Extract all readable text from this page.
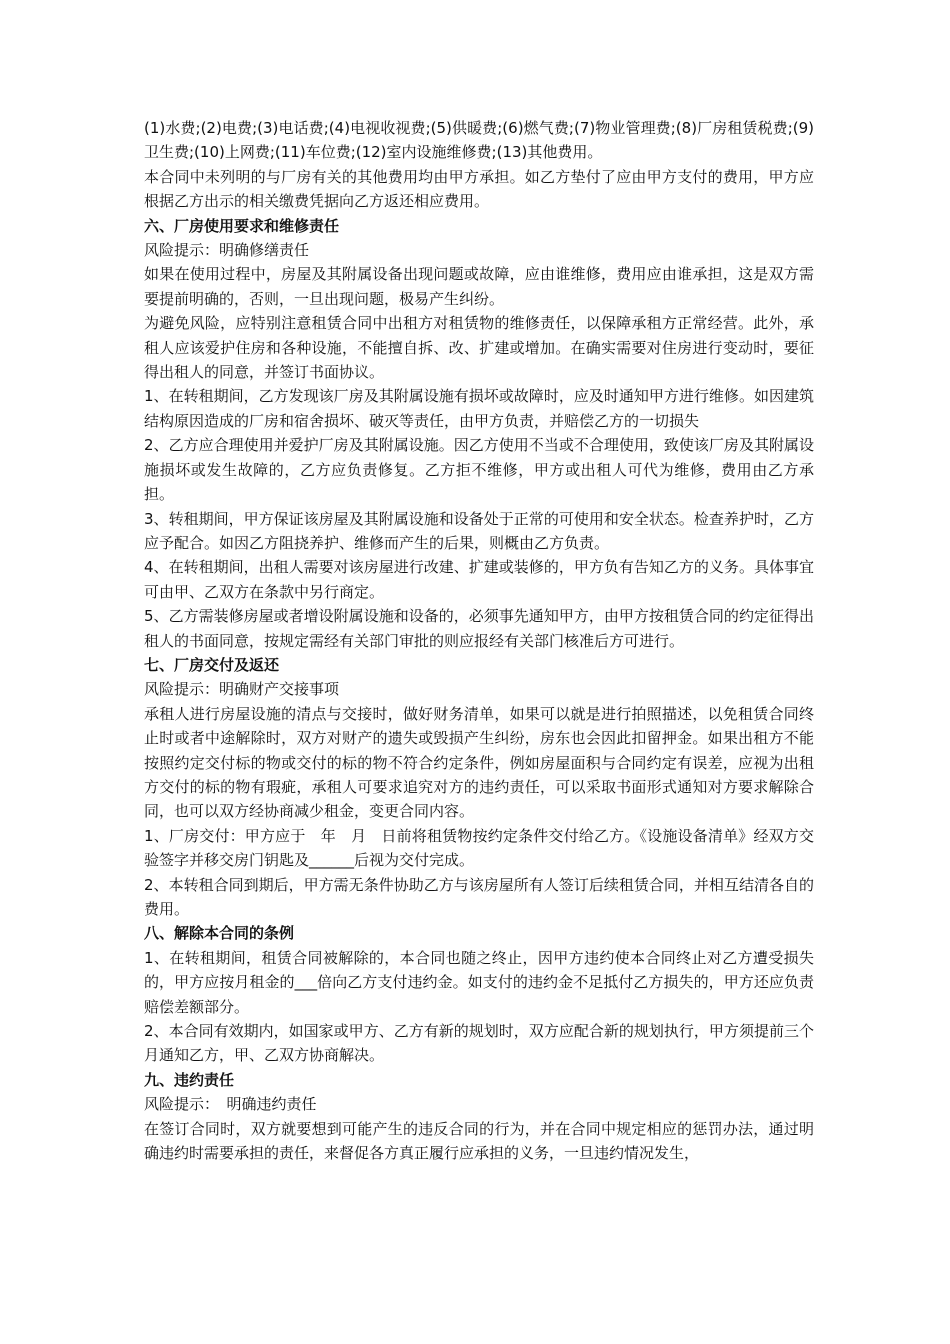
(1)水费;(2)电费;(3)电话费;(4)电视收视费;(5)供暖费;(6)燃气费;(7)物业管理费;(8)厂房租赁税费;(9)卫生费;(10)上网费;(11)车位费;(12)室内设施维修费;(13)其他费用。

本合同中未列明的与厂房有关的其他费用均由甲方承担。如乙方垫付了应由甲方支付的费用，甲方应根据乙方出示的相关缴费凭据向乙方返还相应费用。

六、厂房使用要求和维修责任

风险提示：明确修缮责任

如果在使用过程中，房屋及其附属设备出现问题或故障，应由谁维修，费用应由谁承担，这是双方需要提前明确的，否则，一旦出现问题，极易产生纠纷。

为避免风险，应特别注意租赁合同中出租方对租赁物的维修责任，以保障承租方正常经营。此外，承租人应该爱护住房和各种设施，不能擅自拆、改、扩建或增加。在确实需要对住房进行变动时，要征得出租人的同意，并签订书面协议。

1、在转租期间，乙方发现该厂房及其附属设施有损坏或故障时，应及时通知甲方进行维修。如因建筑结构原因造成的厂房和宿舍损坏、破灭等责任，由甲方负责，并赔偿乙方的一切损失

2、乙方应合理使用并爱护厂房及其附属设施。因乙方使用不当或不合理使用，致使该厂房及其附属设施损坏或发生故障的，乙方应负责修复。乙方拒不维修，甲方或出租人可代为维修，费用由乙方承担。

3、转租期间，甲方保证该房屋及其附属设施和设备处于正常的可使用和安全状态。检查养护时，乙方应予配合。如因乙方阻挠养护、维修而产生的后果，则概由乙方负责。

4、在转租期间，出租人需要对该房屋进行改建、扩建或装修的，甲方负有告知乙方的义务。具体事宜可由甲、乙双方在条款中另行商定。

5、乙方需装修房屋或者增设附属设施和设备的，必须事先通知甲方，由甲方按租赁合同的约定征得出租人的书面同意，按规定需经有关部门审批的则应报经有关部门核准后方可进行。

七、厂房交付及返还

风险提示：明确财产交接事项

承租人进行房屋设施的清点与交接时，做好财务清单，如果可以就是进行拍照描述，以免租赁合同终止时或者中途解除时，双方对财产的遗失或毁损产生纠纷，房东也会因此扣留押金。如果出租方不能按照约定交付标的物或交付的标的物不符合约定条件，例如房屋面积与合同约定有误差，应视为出租方交付的标的物有瑕疵，承租人可要求追究对方的违约责任，可以采取书面形式通知对方要求解除合同，也可以双方经协商减少租金，变更合同内容。

1、厂房交付：甲方应于　年　月　日前将租赁物按约定条件交付给乙方。《设施设备清单》经双方交验签字并移交房门钥匙及______后视为交付完成。

2、本转租合同到期后，甲方需无条件协助乙方与该房屋所有人签订后续租赁合同，并相互结清各自的费用。

八、解除本合同的条例

1、在转租期间，租赁合同被解除的，本合同也随之终止，因甲方违约使本合同终止对乙方遭受损失的，甲方应按月租金的___倍向乙方支付违约金。如支付的违约金不足抵付乙方损失的，甲方还应负责赔偿差额部分。

2、本合同有效期内，如国家或甲方、乙方有新的规划时，双方应配合新的规划执行，甲方须提前三个月通知乙方，甲、乙双方协商解决。

九、违约责任

风险提示：　明确违约责任

在签订合同时，双方就要想到可能产生的违反合同的行为，并在合同中规定相应的惩罚办法，通过明确违约时需要承担的责任，来督促各方真正履行应承担的义务，一旦违约情况发生，
